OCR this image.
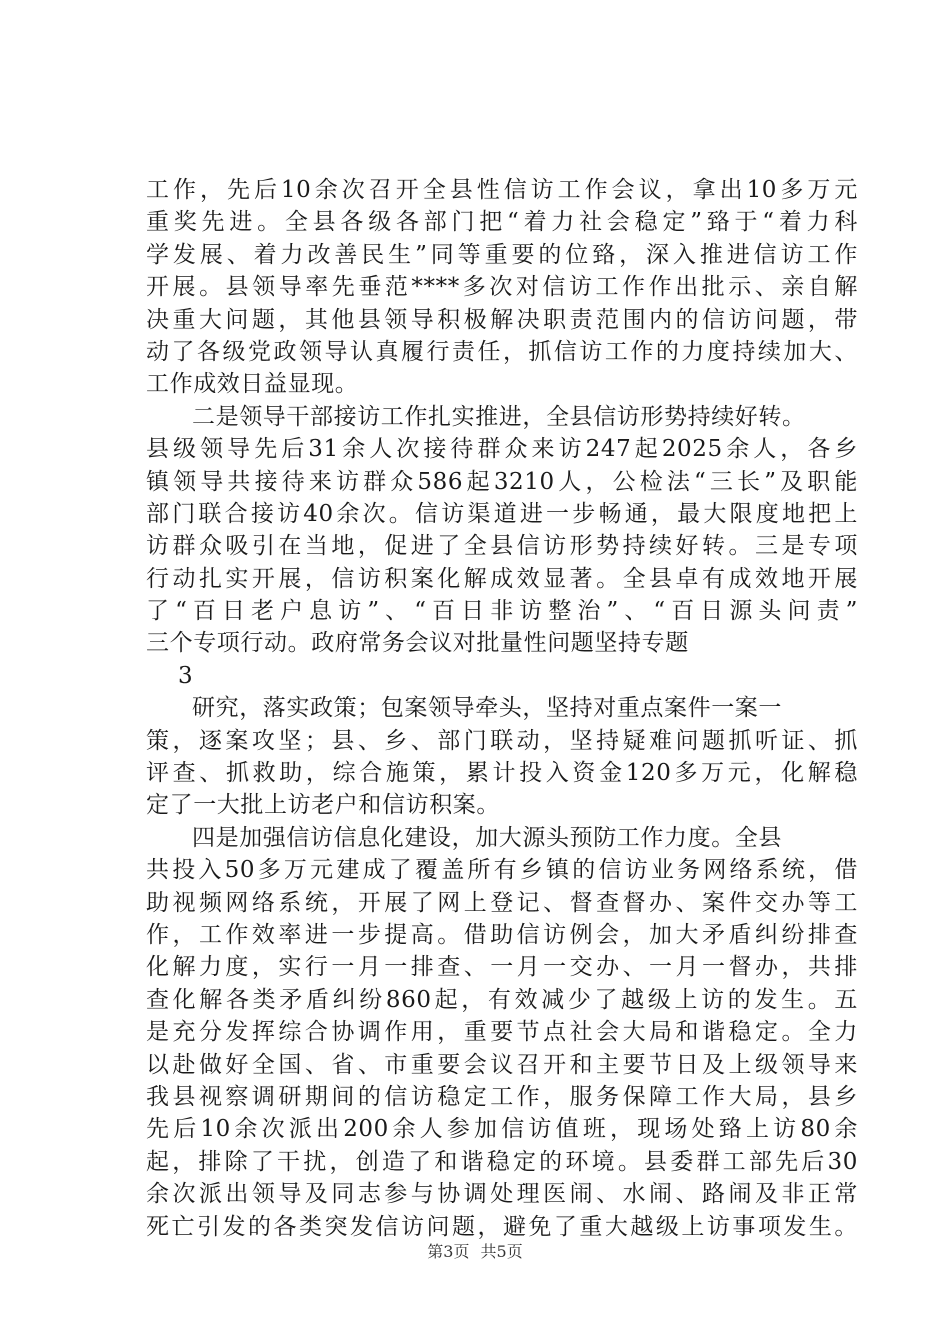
工作，先后10余次召开全县性信访工作会议，拿出10多万元
重奖先进。全县各级各部门把“着力社会稳定”臵于“着力科
学发展、着力改善民生”同等重要的位臵，深入推进信访工作
开展。县领导率先垂范****多次对信访工作作出批示、亲自解
决重大问题，其他县领导积极解决职责范围内的信访问题，带
动了各级党政领导认真履行责任，抓信访工作的力度持续加大、
工作成效日益显现。
二是领导干部接访工作扎实推进，全县信访形势持续好转。
县级领导先后31余人次接待群众来访247起2025余人，各乡
镇领导共接待来访群众586起3210人，公检法“三长”及职能
部门联合接访40余次。信访渠道进一步畅通，最大限度地把上
访群众吸引在当地，促进了全县信访形势持续好转。三是专项
行动扎实开展，信访积案化解成效显著。全县卓有成效地开展
了“百日老户息访”、“百日非访整治”、“百日源头问责”
三个专项行动。政府常务会议对批量性问题坚持专题
3
研究，落实政策；包案领导牵头，坚持对重点案件一案一
策，逐案攻坚；县、乡、部门联动，坚持疑难问题抓听证、抓
评查、抓救助，综合施策，累计投入资金120多万元，化解稳
定了一大批上访老户和信访积案。
四是加强信访信息化建设，加大源头预防工作力度。全县
共投入50多万元建成了覆盖所有乡镇的信访业务网络系统，借
助视频网络系统，开展了网上登记、督查督办、案件交办等工
作，工作效率进一步提高。借助信访例会，加大矛盾纠纷排查
化解力度，实行一月一排查、一月一交办、一月一督办，共排
查化解各类矛盾纠纷860起，有效减少了越级上访的发生。五
是充分发挥综合协调作用，重要节点社会大局和谐稳定。全力
以赴做好全国、省、市重要会议召开和主要节日及上级领导来
我县视察调研期间的信访稳定工作，服务保障工作大局，县乡
先后10余次派出200余人参加信访值班，现场处臵上访80余
起，排除了干扰，创造了和谐稳定的环境。县委群工部先后30
余次派出领导及同志参与协调处理医闹、水闹、路闹及非正常
死亡引发的各类突发信访问题，避免了重大越级上访事项发生。
第3页 共5页
